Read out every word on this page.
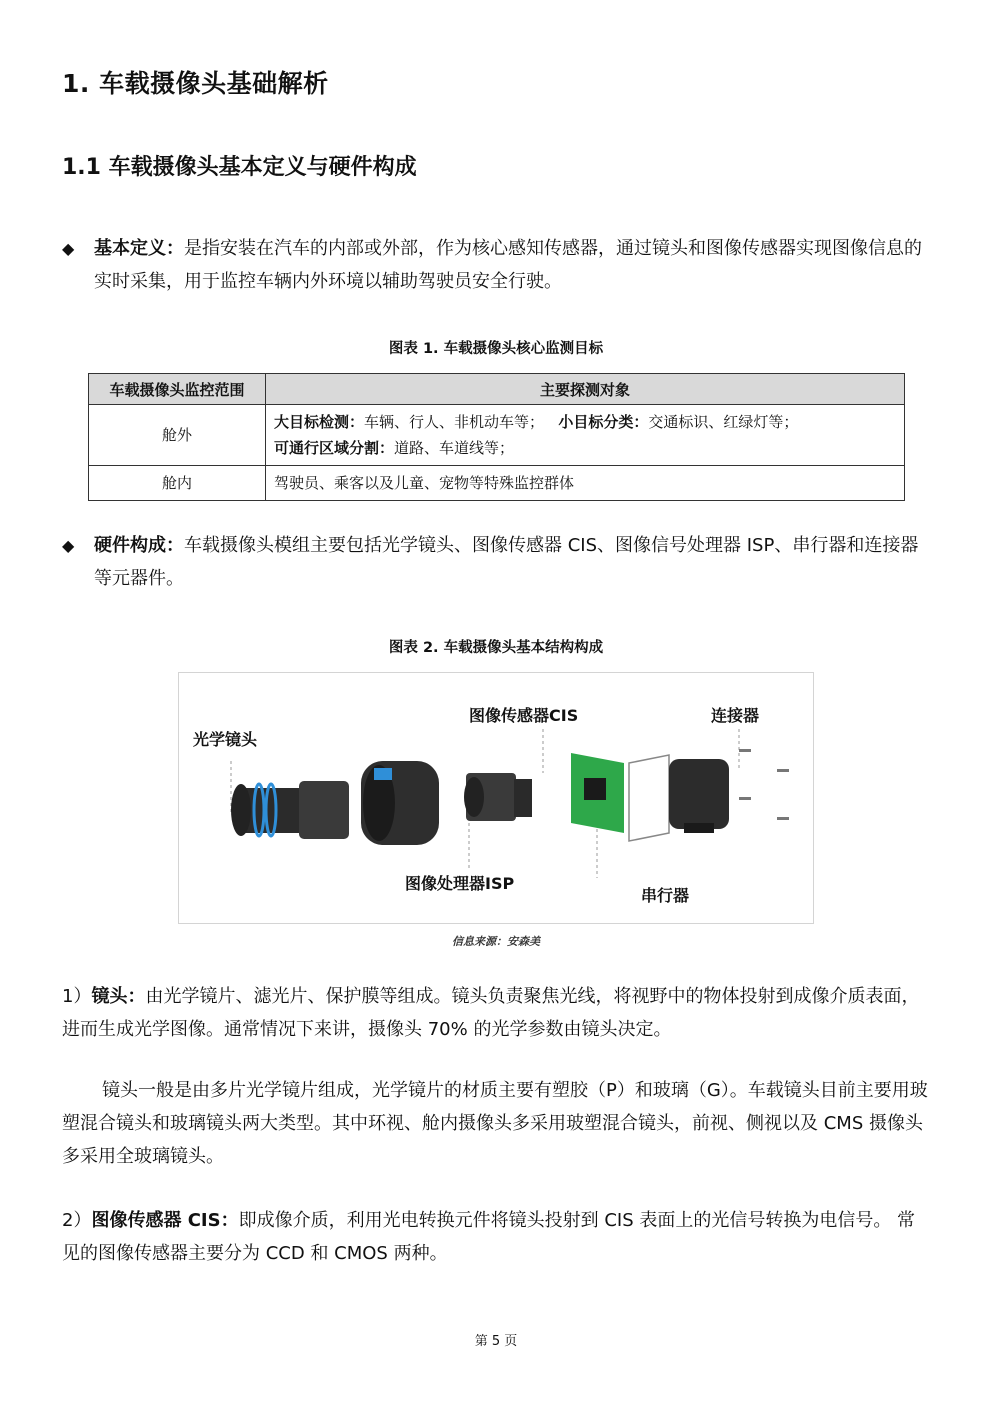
1. 车载摄像头基础解析
1.1 车载摄像头基本定义与硬件构成
◆	基本定义：是指安装在汽车的内部或外部，作为核心感知传感器，通过镜头和图像传感器实现图像信息的实时采集，用于监控车辆内外环境以辅助驾驶员安全行驶。
图表 1. 车载摄像头核心监测目标
车载摄像头监控范围	主要探测对象
舱外	大目标检测：车辆、行人、非机动车等； 小目标分类：交通标识、红绿灯等；
可通行区域分割：道路、车道线等；
舱内	驾驶员、乘客以及儿童、宠物等特殊监控群体
◆	硬件构成：车载摄像头模组主要包括光学镜头、图像传感器 CIS、图像信号处理器 ISP、串行器和连接器等元器件。
图表 2. 车载摄像头基本结构构成
光学镜头
图像传感器CIS	连接器
图像处理器ISP
串行器
信息来源：安森美
1）镜头：由光学镜片、滤光片、保护膜等组成。镜头负责聚焦光线，将视野中的物体投射到成像介质表面，进而生成光学图像。通常情况下来讲，摄像头 70% 的光学参数由镜头决定。
镜头一般是由多片光学镜片组成，光学镜片的材质主要有塑胶（P）和玻璃（G）。车载镜头目前主要用玻塑混合镜头和玻璃镜头两大类型。其中环视、舱内摄像头多采用玻塑混合镜头，前视、侧视以及 CMS 摄像头多采用全玻璃镜头。
2）图像传感器 CIS：即成像介质，利用光电转换元件将镜头投射到 CIS 表面上的光信号转换为电信号。 常见的图像传感器主要分为 CCD 和 CMOS 两种。
第 5 页
